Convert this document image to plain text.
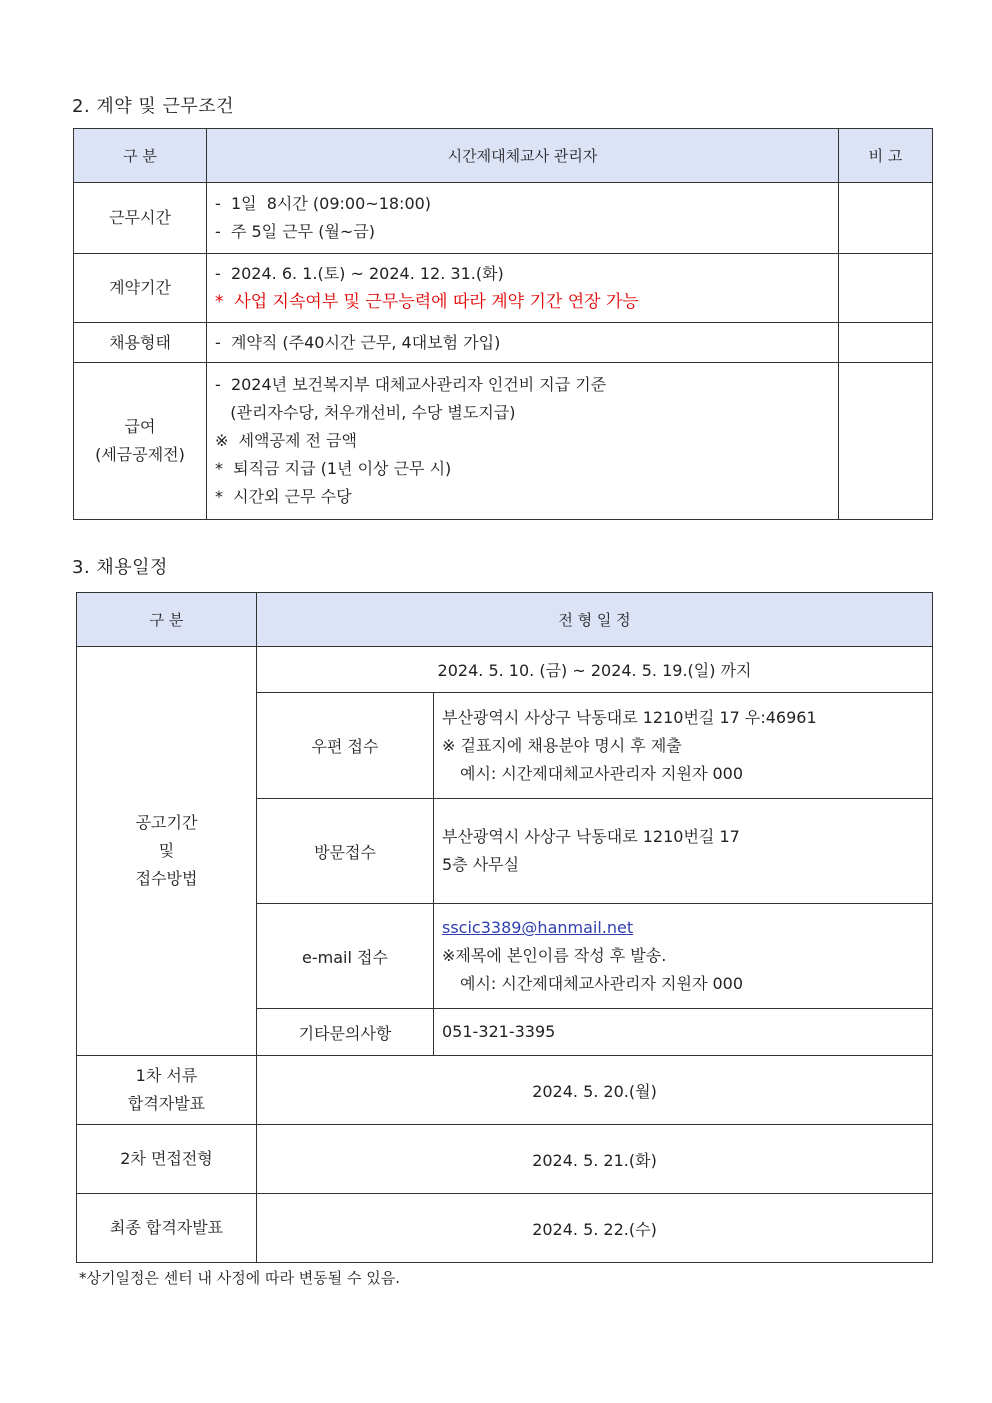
2. 계약 및 근무조건
구 분	시간제대체교사 관리자	비 고

근무시간	-  1일  8시간 (09:00~18:00)
-  주 5일 근무 (월~금)	

계약기간	-  2024. 6. 1.(토) ~ 2024. 12. 31.(화)
*  사업 지속여부 및 근무능력에 따라 계약 기간 연장 가능	

채용형태	-  계약직 (주40시간 근무, 4대보험 가입)	

급여
(세금공제전)	-  2024년 보건복지부 대체교사관리자 인건비 지급 기준
(관리자수당, 처우개선비, 수당 별도지급)
※  세액공제 전 금액
*  퇴직금 지급 (1년 이상 근무 시)
*  시간외 근무 수당	

3. 채용일정
구 분	전 형 일 정	

공고기간
및
접수방법	2024. 5. 10. (금) ~ 2024. 5. 19.(일) 까지	
	우편 접수	부산광역시 사상구 낙동대로 1210번길 17 우:46961
※ 겉표지에 채용분야 명시 후 제출
예시: 시간제대체교사관리자 지원자 000

	방문접수	부산광역시 사상구 낙동대로 1210번길 17
5층 사무실

	e-mail 접수	sscic3389@hanmail.net
※제목에 본인이름 작성 후 발송.
예시: 시간제대체교사관리자 지원자 000

	기타문의사항	051-321-3395

1차 서류
합격자발표	2024. 5. 20.(월)	

2차 면접전형	2024. 5. 21.(화)	

최종 합격자발표	2024. 5. 22.(수)	

*상기일정은 센터 내 사정에 따라 변동될 수 있음.
